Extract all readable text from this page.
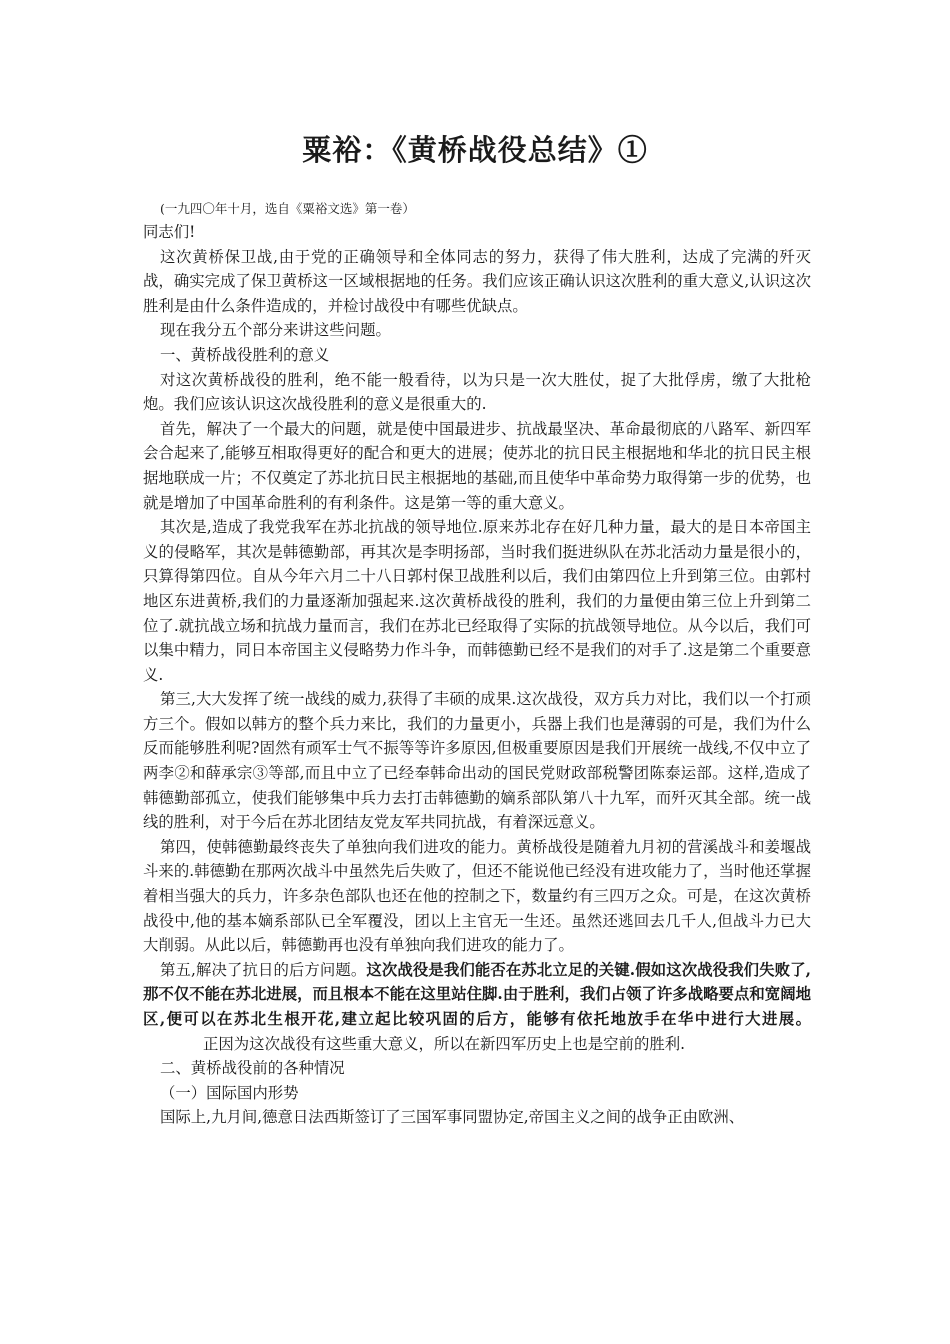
粟裕：《黄桥战役总结》①
(一九四〇年十月，选自《粟裕文选》第一卷）

同志们!

这次黄桥保卫战,由于党的正确领导和全体同志的努力，获得了伟大胜利，达成了完满的歼灭战，确实完成了保卫黄桥这一区域根据地的任务。我们应该正确认识这次胜利的重大意义,认识这次胜利是由什么条件造成的，并检讨战役中有哪些优缺点。

现在我分五个部分来讲这些问题。

一、黄桥战役胜利的意义

对这次黄桥战役的胜利，绝不能一般看待，以为只是一次大胜仗，捉了大批俘虏，缴了大批枪炮。我们应该认识这次战役胜利的意义是很重大的.

首先，解决了一个最大的问题，就是使中国最进步、抗战最坚决、革命最彻底的八路军、新四军会合起来了,能够互相取得更好的配合和更大的进展；使苏北的抗日民主根据地和华北的抗日民主根据地联成一片；不仅奠定了苏北抗日民主根据地的基础,而且使华中革命势力取得第一步的优势，也就是增加了中国革命胜利的有利条件。这是第一等的重大意义。

其次是,造成了我党我军在苏北抗战的领导地位.原来苏北存在好几种力量，最大的是日本帝国主义的侵略军，其次是韩德勤部，再其次是李明扬部，当时我们挺进纵队在苏北活动力量是很小的，只算得第四位。自从今年六月二十八日郭村保卫战胜利以后，我们由第四位上升到第三位。由郭村地区东进黄桥,我们的力量逐渐加强起来.这次黄桥战役的胜利，我们的力量便由第三位上升到第二位了.就抗战立场和抗战力量而言，我们在苏北已经取得了实际的抗战领导地位。从今以后，我们可以集中精力，同日本帝国主义侵略势力作斗争，而韩德勤已经不是我们的对手了.这是第二个重要意义.

第三,大大发挥了统一战线的威力,获得了丰硕的成果.这次战役，双方兵力对比，我们以一个打顽方三个。假如以韩方的整个兵力来比，我们的力量更小，兵器上我们也是薄弱的可是，我们为什么反而能够胜利呢?固然有顽军士气不振等等许多原因,但极重要原因是我们开展统一战线,不仅中立了两李②和薛承宗③等部,而且中立了已经奉韩命出动的国民党财政部税警团陈泰运部。这样,造成了韩德勤部孤立，使我们能够集中兵力去打击韩德勤的嫡系部队第八十九军，而歼灭其全部。统一战线的胜利，对于今后在苏北团结友党友军共同抗战，有着深远意义。

第四，使韩德勤最终丧失了单独向我们进攻的能力。黄桥战役是随着九月初的营溪战斗和姜堰战斗来的.韩德勤在那两次战斗中虽然先后失败了，但还不能说他已经没有进攻能力了，当时他还掌握着相当强大的兵力，许多杂色部队也还在他的控制之下，数量约有三四万之众。可是，在这次黄桥战役中,他的基本嫡系部队已全军覆没，团以上主官无一生还。虽然还逃回去几千人,但战斗力已大大削弱。从此以后，韩德勤再也没有单独向我们进攻的能力了。

第五,解决了抗日的后方问题。这次战役是我们能否在苏北立足的关键.假如这次战役我们失败了,那不仅不能在苏北进展，而且根本不能在这里站住脚.由于胜利，我们占领了许多战略要点和宽阔地区,便可以在苏北生根开花,建立起比较巩固的后方，能够有依托地放手在华中进行大进展。正因为这次战役有这些重大意义，所以在新四军历史上也是空前的胜利.

二、黄桥战役前的各种情况

（一）国际国内形势

国际上,九月间,德意日法西斯签订了三国军事同盟协定,帝国主义之间的战争正由欧洲、
